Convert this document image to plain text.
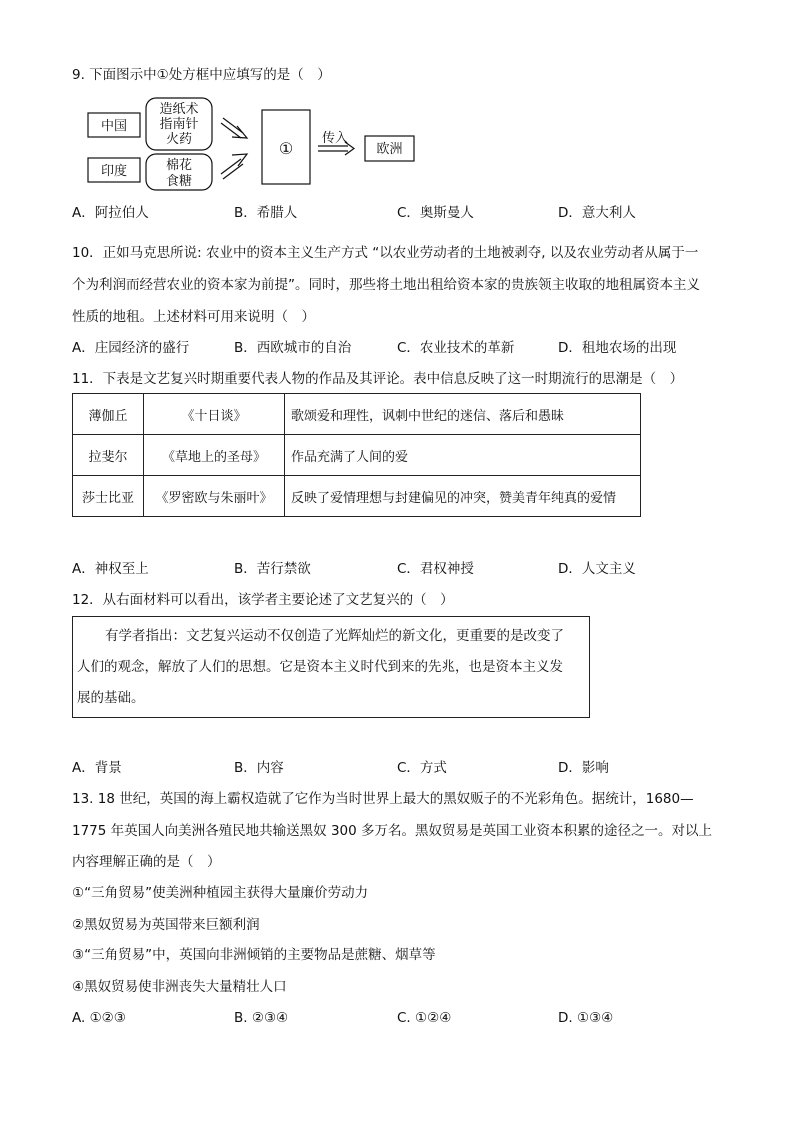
9. 下面图示中①处方框中应填写的是（　）
中国
印度
造纸术
指南针
火药
棉花
食糖
①
传入
欧洲
A．阿拉伯人	B．希腊人	C．奥斯曼人	D．意大利人
10．正如马克思所说: 农业中的资本主义生产方式 “以农业劳动者的土地被剥夺, 以及农业劳动者从属于一
个为利润而经营农业的资本家为前提”。同时，那些将土地出租给资本家的贵族领主收取的地租属资本主义
性质的地租。上述材料可用来说明（　）
A．庄园经济的盛行	B．西欧城市的自治	C．农业技术的革新	D．租地农场的出现
11．下表是文艺复兴时期重要代表人物的作品及其评论。表中信息反映了这一时期流行的思潮是（　）
薄伽丘	《十日谈》	歌颂爱和理性，讽刺中世纪的迷信、落后和愚昧
拉斐尔	《草地上的圣母》	作品充满了人间的爱
莎士比亚	《罗密欧与朱丽叶》	反映了爱情理想与封建偏见的冲突，赞美青年纯真的爱情
A．神权至上	B．苦行禁欲	C．君权神授	D．人文主义
12．从右面材料可以看出，该学者主要论述了文艺复兴的（　）
有学者指出：文艺复兴运动不仅创造了光辉灿烂的新文化，更重要的是改变了
人们的观念，解放了人们的思想。它是资本主义时代到来的先兆，也是资本主义发
展的基础。
A．背景	B．内容	C．方式	D．影响
13. 18 世纪，英国的海上霸权造就了它作为当时世界上最大的黑奴贩子的不光彩角色。据统计，1680—
1775 年英国人向美洲各殖民地共输送黑奴 300 多万名。黑奴贸易是英国工业资本积累的途径之一。对以上
内容理解正确的是（　）
①“三角贸易”使美洲种植园主获得大量廉价劳动力
②黑奴贸易为英国带来巨额利润
③“三角贸易”中，英国向非洲倾销的主要物品是蔗糖、烟草等
④黑奴贸易使非洲丧失大量精壮人口
A. ①②③	B. ②③④	C. ①②④	D. ①③④
